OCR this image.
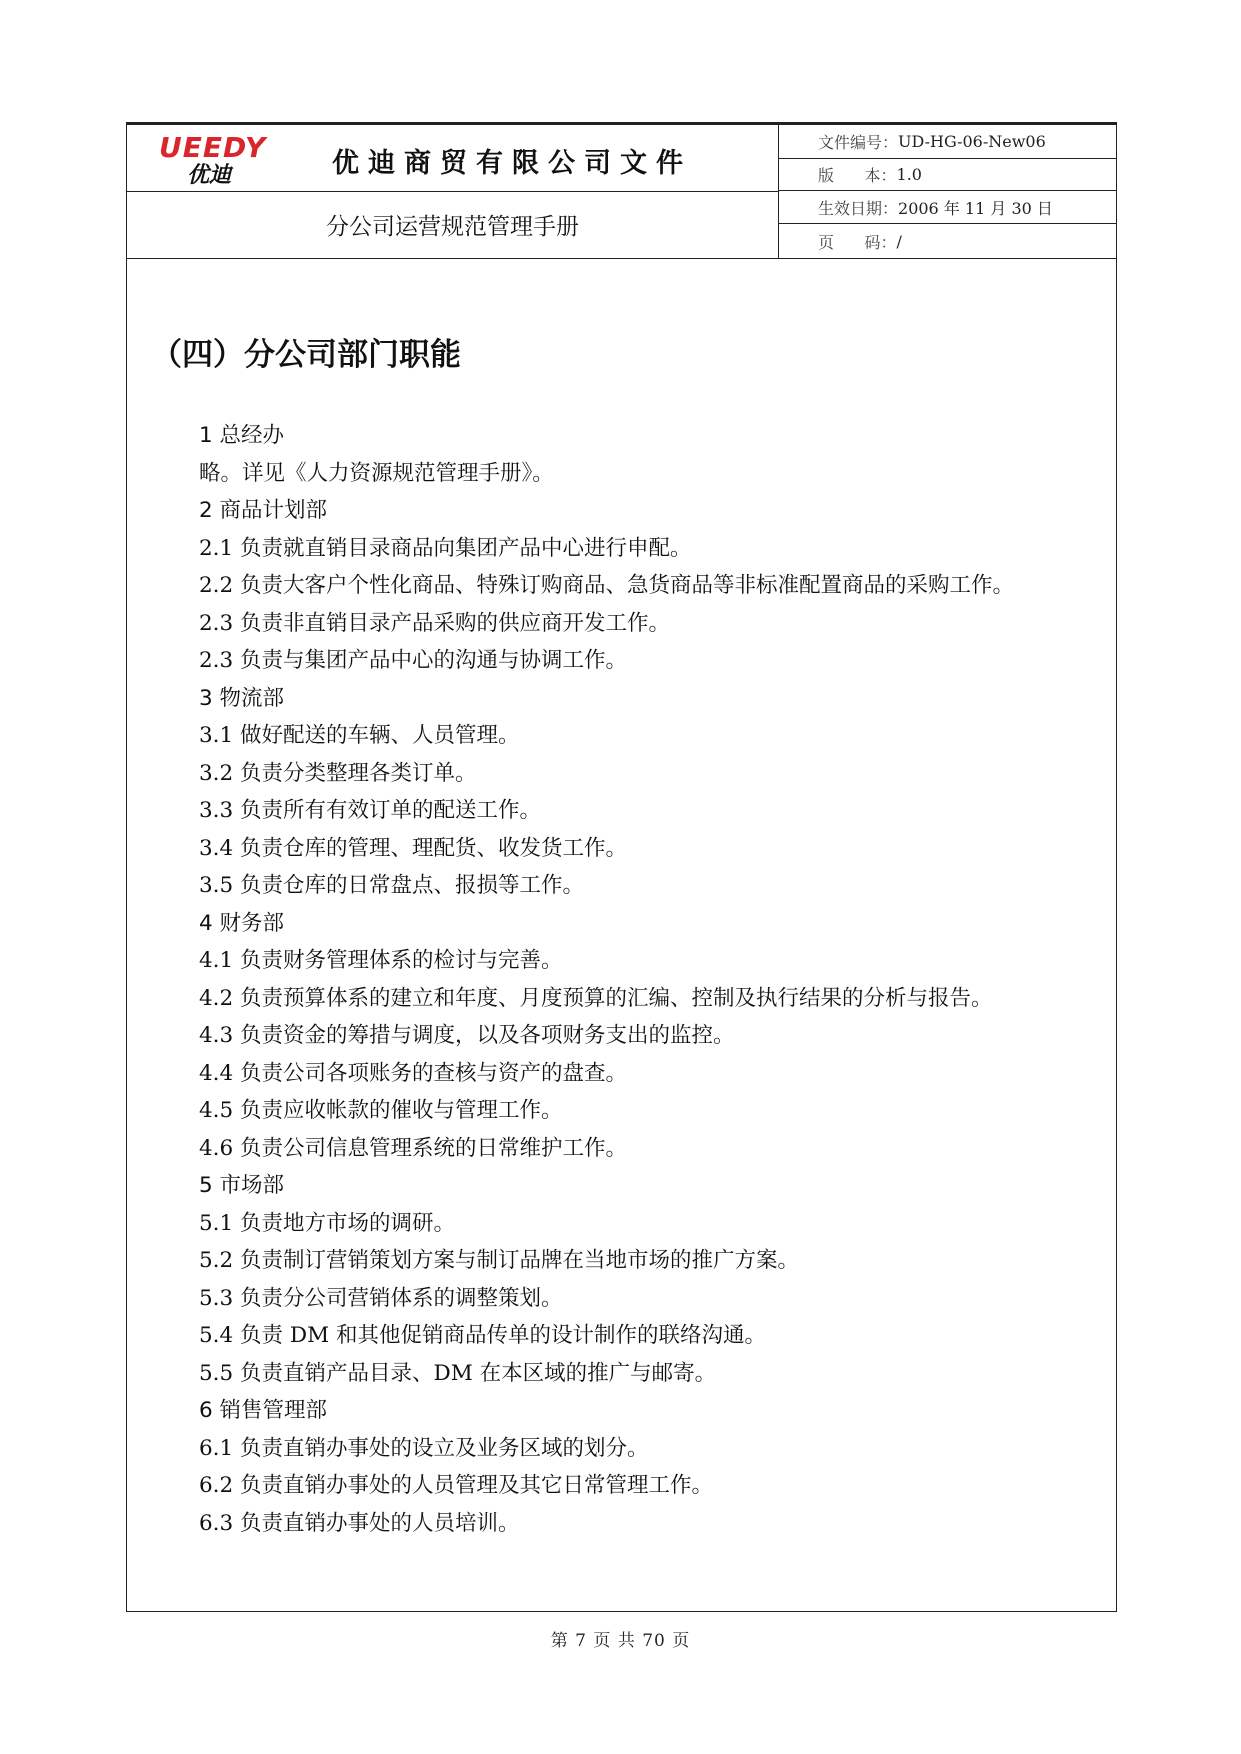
UEEDY
优迪	优迪商贸有限公司文件
分公司运营规范管理手册
文件编号： UD-HG-06-New06
版      本： 1.0
生效日期： 2006 年 11 月 30 日
页      码： /
（四）分公司部门职能
1 总经办
略。详见《人力资源规范管理手册》。
2 商品计划部
2.1 负责就直销目录商品向集团产品中心进行申配。
2.2 负责大客户个性化商品、特殊订购商品、急货商品等非标准配置商品的采购工作。
2.3 负责非直销目录产品采购的供应商开发工作。
2.3 负责与集团产品中心的沟通与协调工作。
3 物流部
3.1 做好配送的车辆、人员管理。
3.2 负责分类整理各类订单。
3.3 负责所有有效订单的配送工作。
3.4 负责仓库的管理、理配货、收发货工作。
3.5 负责仓库的日常盘点、报损等工作。
4 财务部
4.1 负责财务管理体系的检讨与完善。
4.2 负责预算体系的建立和年度、月度预算的汇编、控制及执行结果的分析与报告。
4.3 负责资金的筹措与调度，以及各项财务支出的监控。
4.4 负责公司各项账务的查核与资产的盘查。
4.5 负责应收帐款的催收与管理工作。
4.6 负责公司信息管理系统的日常维护工作。
5 市场部
5.1 负责地方市场的调研。
5.2 负责制订营销策划方案与制订品牌在当地市场的推广方案。
5.3 负责分公司营销体系的调整策划。
5.4 负责 DM 和其他促销商品传单的设计制作的联络沟通。
5.5 负责直销产品目录、DM 在本区域的推广与邮寄。
6 销售管理部
6.1 负责直销办事处的设立及业务区域的划分。
6.2 负责直销办事处的人员管理及其它日常管理工作。
6.3 负责直销办事处的人员培训。
第 7 页 共 70 页
